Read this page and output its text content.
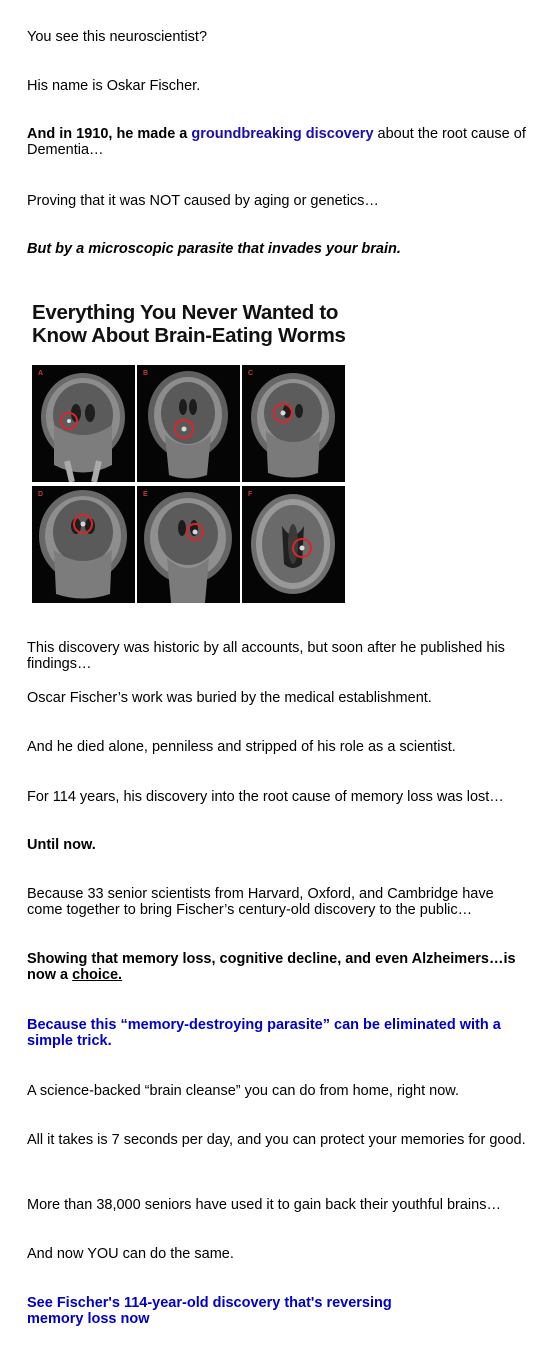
You see this neuroscientist?

His name is Oskar Fischer.

And in 1910, he made a groundbreaking discovery about the root cause of Dementia…

Proving that it was NOT caused by aging or genetics…

But by a microscopic parasite that invades your brain.

Everything You Never Wanted to
Know About Brain-Eating Worms
A	B	C
D	E	F

This discovery was historic by all accounts, but soon after he published his findings…

Oscar Fischer’s work was buried by the medical establishment.

And he died alone, penniless and stripped of his role as a scientist.

For 114 years, his discovery into the root cause of memory loss was lost…

Until now.

Because 33 senior scientists from Harvard, Oxford, and Cambridge have come together to bring Fischer’s century-old discovery to the public…

Showing that memory loss, cognitive decline, and even Alzheimers…is now a choice.

Because this “memory-destroying parasite” can be eliminated with a simple trick.

A science-backed “brain cleanse” you can do from home, right now.

All it takes is 7 seconds per day, and you can protect your memories for good.

More than 38,000 seniors have used it to gain back their youthful brains…

And now YOU can do the same.

See Fischer's 114-year-old discovery that's reversing
memory loss now
